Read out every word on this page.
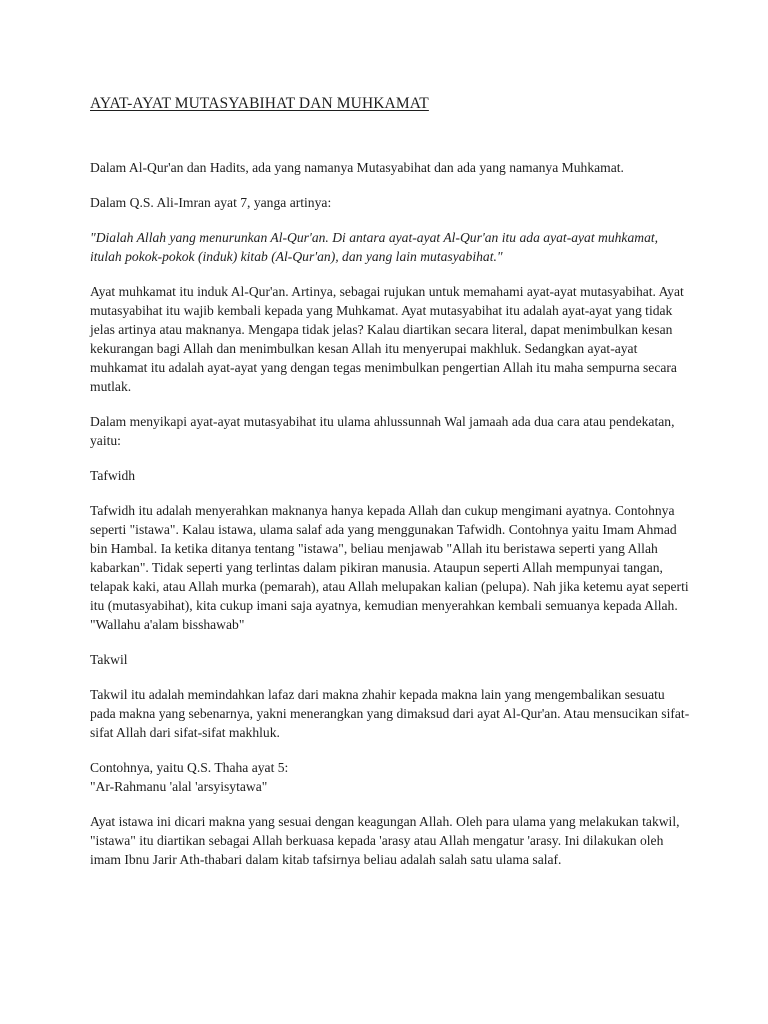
AYAT-AYAT MUTASYABIHAT DAN MUHKAMAT

Dalam Al-Qur'an dan Hadits, ada yang namanya Mutasyabihat dan ada yang namanya Muhkamat.

Dalam Q.S. Ali-Imran ayat 7, yanga artinya:

"Dialah Allah yang menurunkan Al-Qur'an. Di antara ayat-ayat Al-Qur'an itu ada ayat-ayat muhkamat, itulah pokok-pokok (induk) kitab (Al-Qur'an), dan yang lain mutasyabihat."

Ayat muhkamat itu induk Al-Qur'an. Artinya, sebagai rujukan untuk memahami ayat-ayat mutasyabihat. Ayat mutasyabihat itu wajib kembali kepada yang Muhkamat. Ayat mutasyabihat itu adalah ayat-ayat yang tidak jelas artinya atau maknanya. Mengapa tidak jelas? Kalau diartikan secara literal, dapat menimbulkan kesan kekurangan bagi Allah dan menimbulkan kesan Allah itu menyerupai makhluk. Sedangkan ayat-ayat muhkamat itu adalah ayat-ayat yang dengan tegas menimbulkan pengertian Allah itu maha sempurna secara mutlak.

Dalam menyikapi ayat-ayat mutasyabihat itu ulama ahlussunnah Wal jamaah ada dua cara atau pendekatan, yaitu:

Tafwidh

Tafwidh itu adalah menyerahkan maknanya hanya kepada Allah dan cukup mengimani ayatnya. Contohnya seperti "istawa". Kalau istawa, ulama salaf ada yang menggunakan Tafwidh. Contohnya yaitu Imam Ahmad bin Hambal. Ia ketika ditanya tentang "istawa", beliau menjawab "Allah itu beristawa seperti yang Allah kabarkan". Tidak seperti yang terlintas dalam pikiran manusia. Ataupun seperti Allah mempunyai tangan, telapak kaki, atau Allah murka (pemarah), atau Allah melupakan kalian (pelupa). Nah jika ketemu ayat seperti itu (mutasyabihat), kita cukup imani saja ayatnya, kemudian menyerahkan kembali semuanya kepada Allah. "Wallahu a'alam bisshawab"

Takwil

Takwil itu adalah memindahkan lafaz dari makna zhahir kepada makna lain yang mengembalikan sesuatu pada makna yang sebenarnya, yakni menerangkan yang dimaksud dari ayat Al-Qur'an. Atau mensucikan sifat-sifat Allah dari sifat-sifat makhluk.

Contohnya, yaitu Q.S. Thaha ayat 5:

"Ar-Rahmanu 'alal 'arsyisytawa"

Ayat istawa ini dicari makna yang sesuai dengan keagungan Allah. Oleh para ulama yang melakukan takwil, "istawa" itu diartikan sebagai Allah berkuasa kepada 'arasy atau Allah mengatur 'arasy. Ini dilakukan oleh imam Ibnu Jarir Ath-thabari dalam kitab tafsirnya beliau adalah salah satu ulama salaf.
